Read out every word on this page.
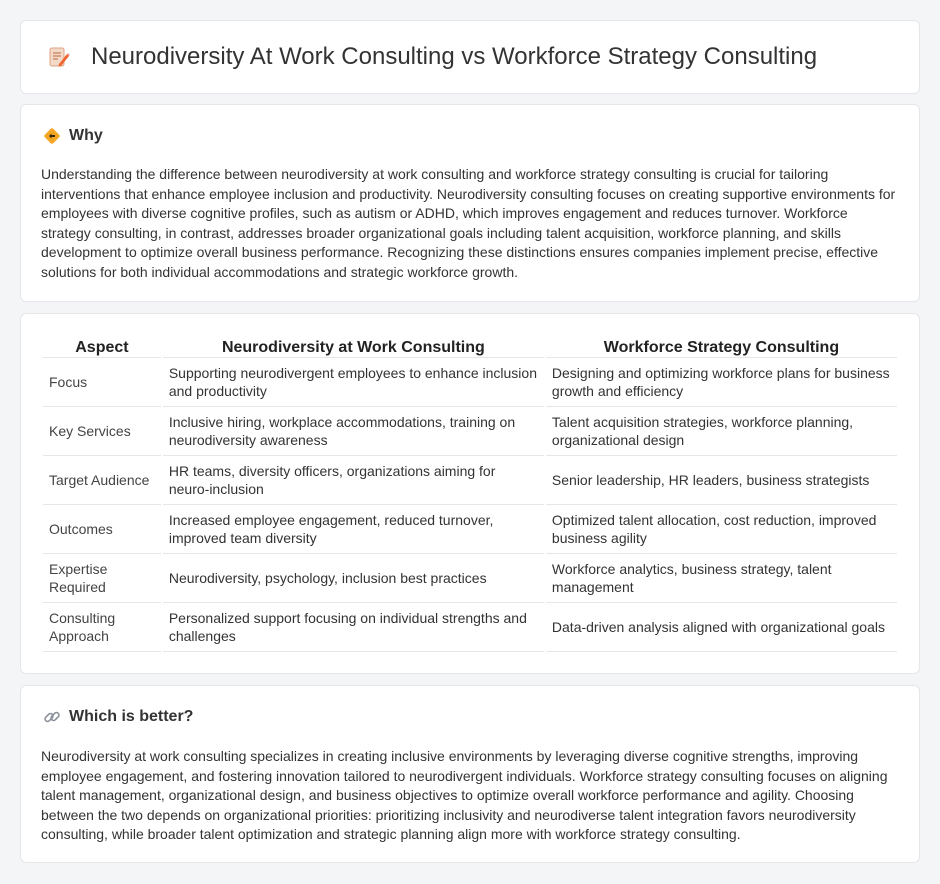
Neurodiversity At Work Consulting vs Workforce Strategy Consulting
Why

Understanding the difference between neurodiversity at work consulting and workforce strategy consulting is crucial for tailoring interventions that enhance employee inclusion and productivity. Neurodiversity consulting focuses on creating supportive environments for employees with diverse cognitive profiles, such as autism or ADHD, which improves engagement and reduces turnover. Workforce strategy consulting, in contrast, addresses broader organizational goals including talent acquisition, workforce planning, and skills development to optimize overall business performance. Recognizing these distinctions ensures companies implement precise, effective solutions for both individual accommodations and strategic workforce growth.

Aspect	Neurodiversity at Work Consulting	Workforce Strategy Consulting
Focus	Supporting neurodivergent employees to enhance inclusion and productivity	Designing and optimizing workforce plans for business growth and efficiency
Key Services	Inclusive hiring, workplace accommodations, training on neurodiversity awareness	Talent acquisition strategies, workforce planning, organizational design
Target Audience	HR teams, diversity officers, organizations aiming for neuro-inclusion	Senior leadership, HR leaders, business strategists
Outcomes	Increased employee engagement, reduced turnover, improved team diversity	Optimized talent allocation, cost reduction, improved business agility
Expertise Required	Neurodiversity, psychology, inclusion best practices	Workforce analytics, business strategy, talent management
Consulting Approach	Personalized support focusing on individual strengths and challenges	Data-driven analysis aligned with organizational goals
Which is better?

Neurodiversity at work consulting specializes in creating inclusive environments by leveraging diverse cognitive strengths, improving employee engagement, and fostering innovation tailored to neurodivergent individuals. Workforce strategy consulting focuses on aligning talent management, organizational design, and business objectives to optimize overall workforce performance and agility. Choosing between the two depends on organizational priorities: prioritizing inclusivity and neurodiverse talent integration favors neurodiversity consulting, while broader talent optimization and strategic planning align more with workforce strategy consulting.
